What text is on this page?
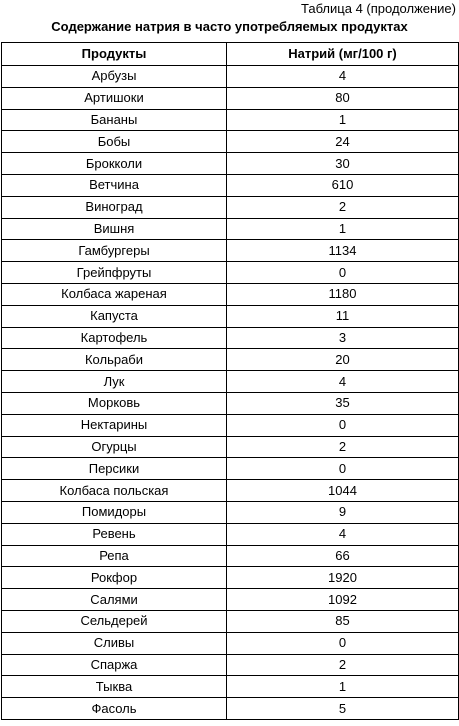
Таблица 4 (продолжение)
Содержание натрия в часто употребляемых продуктах
Продукты	Натрий (мг/100 г)
Арбузы	4
Артишоки	80
Бананы	1
Бобы	24
Брокколи	30
Ветчина	610
Виноград	2
Вишня	1
Гамбургеры	1134
Грейпфруты	0
Колбаса жареная	1180
Капуста	11
Картофель	3
Кольраби	20
Лук	4
Морковь	35
Нектарины	0
Огурцы	2
Персики	0
Колбаса польская	1044
Помидоры	9
Ревень	4
Репа	66
Рокфор	1920
Салями	1092
Сельдерей	85
Сливы	0
Спаржа	2
Тыква	1
Фасоль	5
